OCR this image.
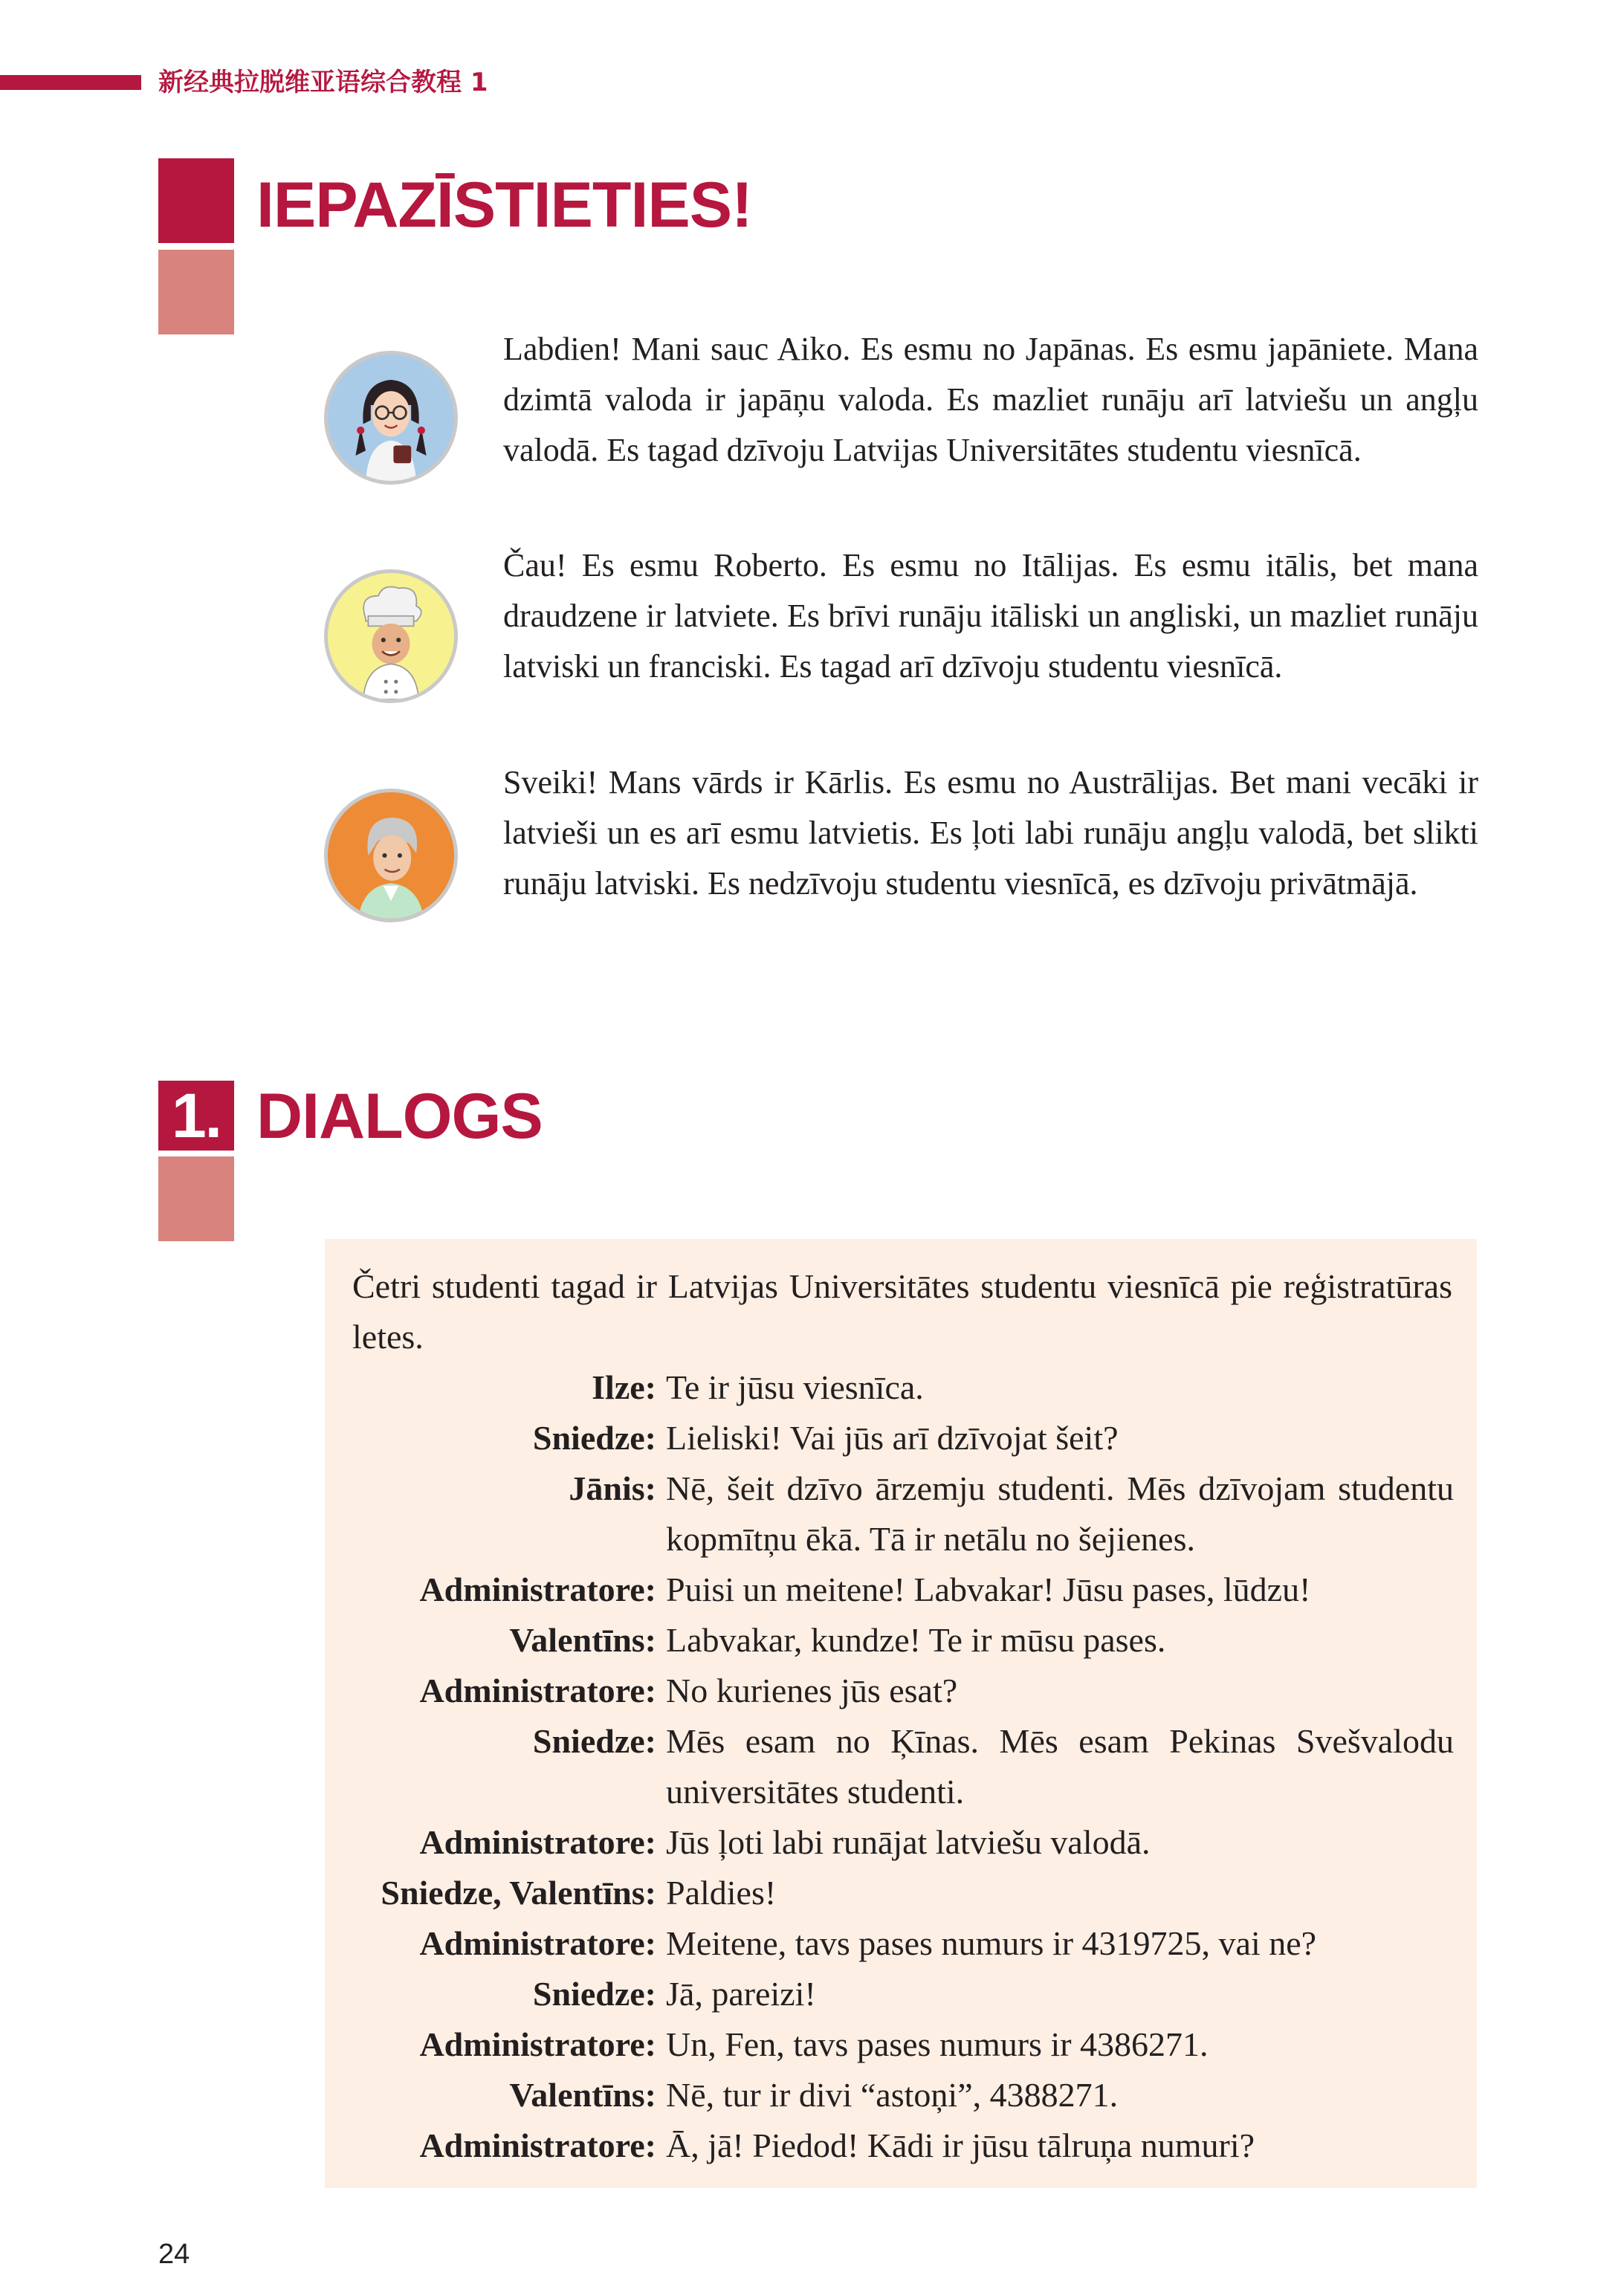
新经典拉脱维亚语综合教程 1
IEPAZĪSTIETIES!

Labdien! Mani sauc Aiko. Es esmu no Japānas. Es esmu japāniete. Mana dzimtā valoda ir japāņu valoda. Es mazliet runāju arī latviešu un angļu valodā. Es tagad dzīvoju Latvijas Universitātes studentu viesnīcā.

Čau! Es esmu Roberto. Es esmu no Itālijas. Es esmu itālis, bet mana draudzene ir latviete. Es brīvi runāju itāliski un angliski, un mazliet runāju latviski un franciski. Es tagad arī dzīvoju studentu viesnīcā.

Sveiki! Mans vārds ir Kārlis. Es esmu no Austrālijas. Bet mani vecāki ir latvieši un es arī esmu latvietis. Es ļoti labi runāju angļu valodā, bet slikti runāju latviski. Es nedzīvoju studentu viesnīcā, es dzīvoju privātmājā.

1. DIALOGS

Četri studenti tagad ir Latvijas Universitātes studentu viesnīcā pie reģistratūras letes.

Ilze: Te ir jūsu viesnīca.
Sniedze: Lieliski! Vai jūs arī dzīvojat šeit?
Jānis: Nē, šeit dzīvo ārzemju studenti. Mēs dzīvojam studentu kopmītņu ēkā. Tā ir netālu no šejienes.
Administratore: Puisi un meitene! Labvakar! Jūsu pases, lūdzu!
Valentīns: Labvakar, kundze! Te ir mūsu pases.
Administratore: No kurienes jūs esat?
Sniedze: Mēs esam no Ķīnas. Mēs esam Pekinas Svešvalodu universitātes studenti.
Administratore: Jūs ļoti labi runājat latviešu valodā.
Sniedze, Valentīns: Paldies!
Administratore: Meitene, tavs pases numurs ir 4319725, vai ne?
Sniedze: Jā, pareizi!
Administratore: Un, Fen, tavs pases numurs ir 4386271.
Valentīns: Nē, tur ir divi “astoņi”, 4388271.
Administratore: Ā, jā! Piedod! Kādi ir jūsu tālruņa numuri?
24
